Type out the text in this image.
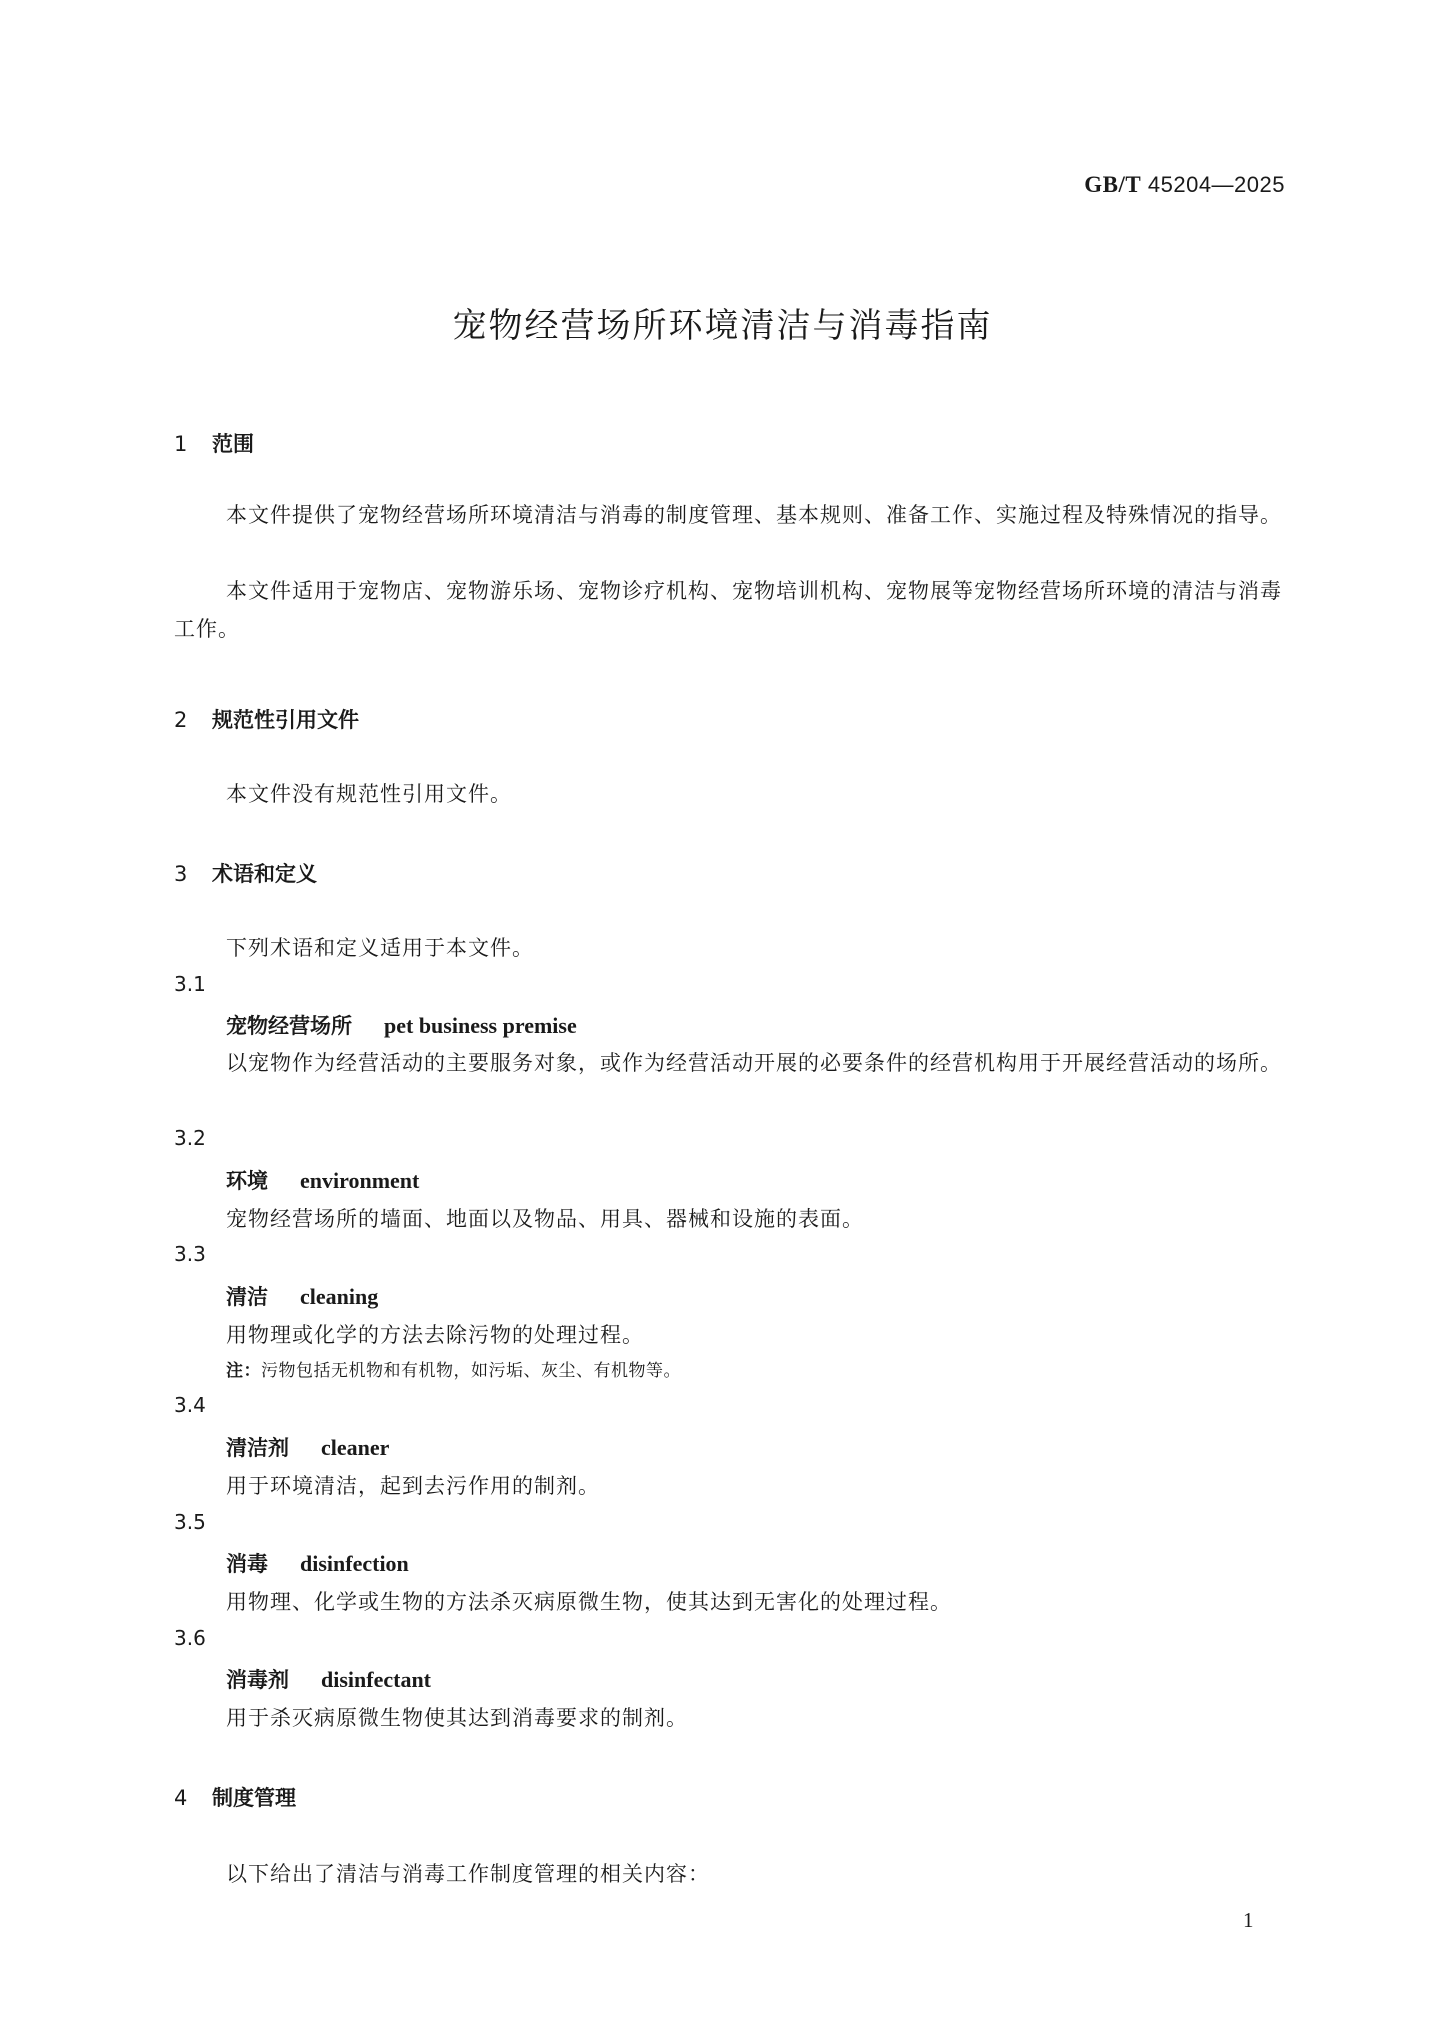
GB/T 45204—2025
宠物经营场所环境清洁与消毒指南
1 范围
本文件提供了宠物经营场所环境清洁与消毒的制度管理、基本规则、准备工作、实施过程及特殊情况的指导。
本文件适用于宠物店、宠物游乐场、宠物诊疗机构、宠物培训机构、宠物展等宠物经营场所环境的清洁与消毒工作。
2 规范性引用文件
本文件没有规范性引用文件。
3 术语和定义
下列术语和定义适用于本文件。
3.1
宠物经营场所 pet business premise
以宠物作为经营活动的主要服务对象，或作为经营活动开展的必要条件的经营机构用于开展经营活动的场所。
3.2
环境 environment
宠物经营场所的墙面、地面以及物品、用具、器械和设施的表面。
3.3
清洁 cleaning
用物理或化学的方法去除污物的处理过程。
注：污物包括无机物和有机物，如污垢、灰尘、有机物等。
3.4
清洁剂 cleaner
用于环境清洁，起到去污作用的制剂。
3.5
消毒 disinfection
用物理、化学或生物的方法杀灭病原微生物，使其达到无害化的处理过程。
3.6
消毒剂 disinfectant
用于杀灭病原微生物使其达到消毒要求的制剂。
4 制度管理
以下给出了清洁与消毒工作制度管理的相关内容：
1
